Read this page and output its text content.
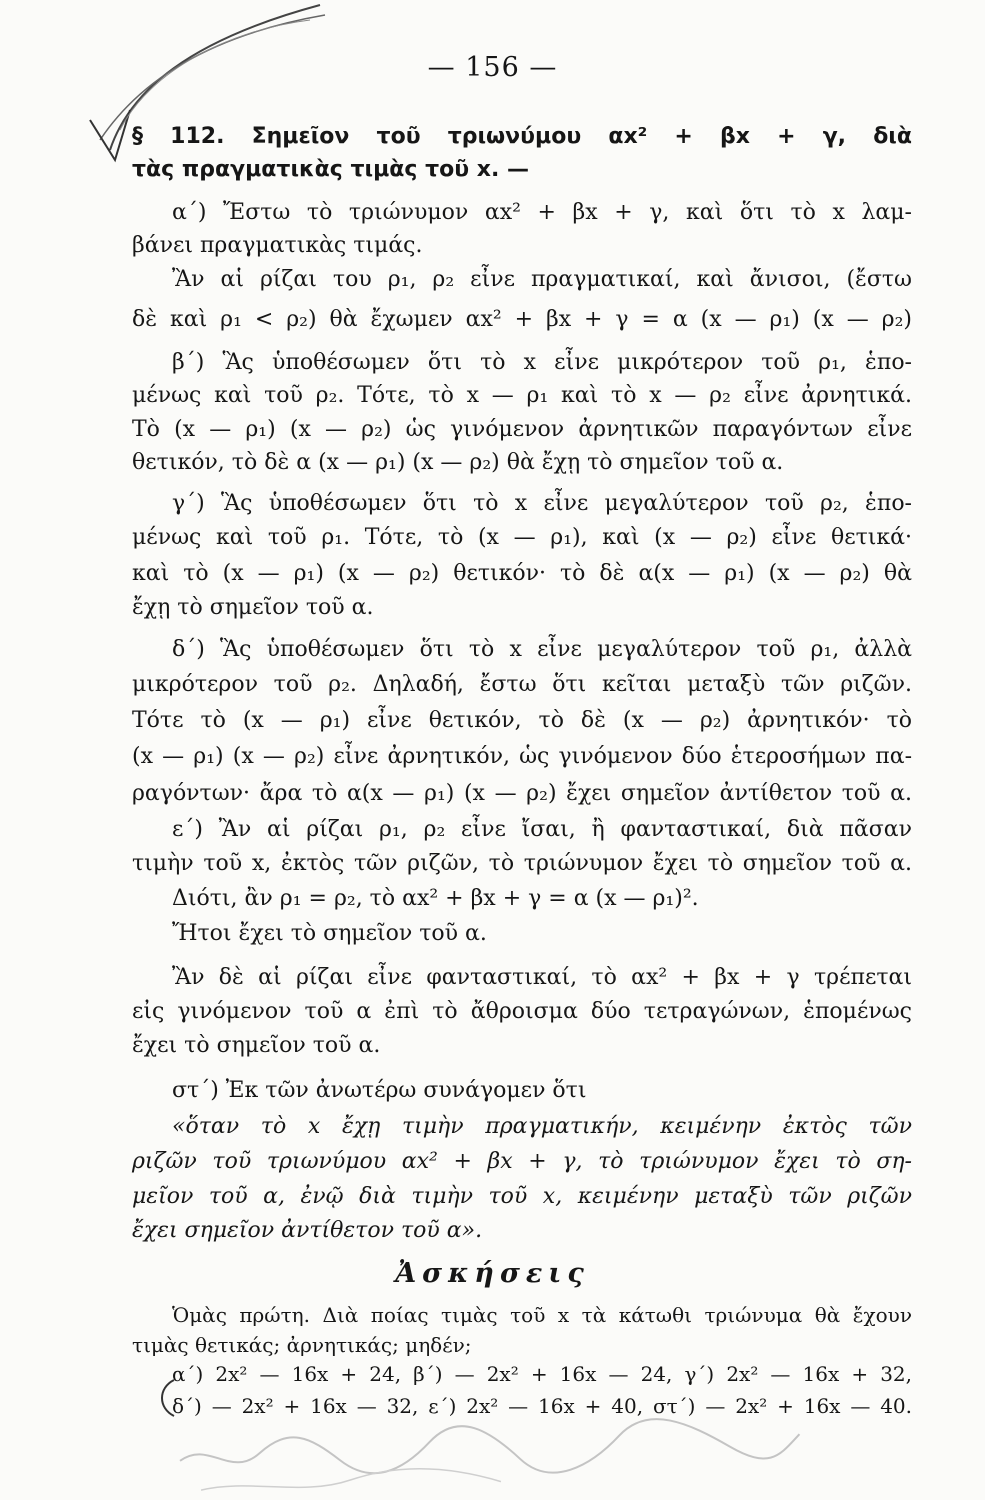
— 156 —
§ 112. Σημεῖον τοῦ τριωνύμου αx² + βx + γ, διὰ
τὰς πραγματικὰς τιμὰς τοῦ x. —
α΄) Ἔστω τὸ τριώνυμον αx² + βx + γ, καὶ ὅτι τὸ x λαμ-
βάνει πραγματικὰς τιμάς.
Ἂν αἱ ρίζαι του ρ₁, ρ₂ εἶνε πραγματικαί, καὶ ἄνισοι, (ἔστω
δὲ καὶ ρ₁ < ρ₂) θὰ ἔχωμεν αx² + βx + γ = α (x — ρ₁) (x — ρ₂)
β΄) Ἃς ὑποθέσωμεν ὅτι τὸ x εἶνε μικρότερον τοῦ ρ₁, ἑπο-
μένως καὶ τοῦ ρ₂. Τότε, τὸ x — ρ₁ καὶ τὸ x — ρ₂ εἶνε ἀρνητικά.
Τὸ (x — ρ₁) (x — ρ₂) ὡς γινόμενον ἀρνητικῶν παραγόντων εἶνε
θετικόν, τὸ δὲ α (x — ρ₁) (x — ρ₂) θὰ ἔχῃ τὸ σημεῖον τοῦ α.
γ΄) Ἃς ὑποθέσωμεν ὅτι τὸ x εἶνε μεγαλύτερον τοῦ ρ₂, ἑπο-
μένως καὶ τοῦ ρ₁. Τότε, τὸ (x — ρ₁), καὶ (x — ρ₂) εἶνε θετικά·
καὶ τὸ (x — ρ₁) (x — ρ₂) θετικόν· τὸ δὲ α(x — ρ₁) (x — ρ₂) θὰ
ἔχῃ τὸ σημεῖον τοῦ α.
δ΄) Ἃς ὑποθέσωμεν ὅτι τὸ x εἶνε μεγαλύτερον τοῦ ρ₁, ἀλλὰ
μικρότερον τοῦ ρ₂. Δηλαδή, ἔστω ὅτι κεῖται μεταξὺ τῶν ριζῶν.
Τότε τὸ (x — ρ₁) εἶνε θετικόν, τὸ δὲ (x — ρ₂) ἀρνητικόν· τὸ
(x — ρ₁) (x — ρ₂) εἶνε ἀρνητικόν, ὡς γινόμενον δύο ἑτεροσήμων πα-
ραγόντων· ἄρα τὸ α(x — ρ₁) (x — ρ₂) ἔχει σημεῖον ἀντίθετον τοῦ α.
ε΄) Ἂν αἱ ρίζαι ρ₁, ρ₂ εἶνε ἴσαι, ἢ φανταστικαί, διὰ πᾶσαν
τιμὴν τοῦ x, ἐκτὸς τῶν ριζῶν, τὸ τριώνυμον ἔχει τὸ σημεῖον τοῦ α.
Διότι, ἂν ρ₁ = ρ₂, τὸ αx² + βx + γ = α (x — ρ₁)².
Ἤτοι ἔχει τὸ σημεῖον τοῦ α.
Ἂν δὲ αἱ ρίζαι εἶνε φανταστικαί, τὸ αx² + βx + γ τρέπεται
εἰς γινόμενον τοῦ α ἐπὶ τὸ ἄθροισμα δύο τετραγώνων, ἑπομένως
ἔχει τὸ σημεῖον τοῦ α.
στ΄) Ἐκ τῶν ἀνωτέρω συνάγομεν ὅτι
«ὅταν τὸ x ἔχῃ τιμὴν πραγματικήν, κειμένην ἐκτὸς τῶν
ριζῶν τοῦ τριωνύμου αx² + βx + γ, τὸ τριώνυμον ἔχει τὸ ση-
μεῖον τοῦ α, ἐνῷ διὰ τιμὴν τοῦ x, κειμένην μεταξὺ τῶν ριζῶν
ἔχει σημεῖον ἀντίθετον τοῦ α».
Ἀσκήσεις
Ὁμὰς πρώτη. Διὰ ποίας τιμὰς τοῦ x τὰ κάτωθι τριώνυμα θὰ ἔχουν
τιμὰς θετικάς; ἀρνητικάς; μηδέν;
α΄) 2x² — 16x + 24, β΄) — 2x² + 16x — 24, γ΄) 2x² — 16x + 32,
δ΄) — 2x² + 16x — 32, ε΄) 2x² — 16x + 40, στ΄) — 2x² + 16x — 40.
